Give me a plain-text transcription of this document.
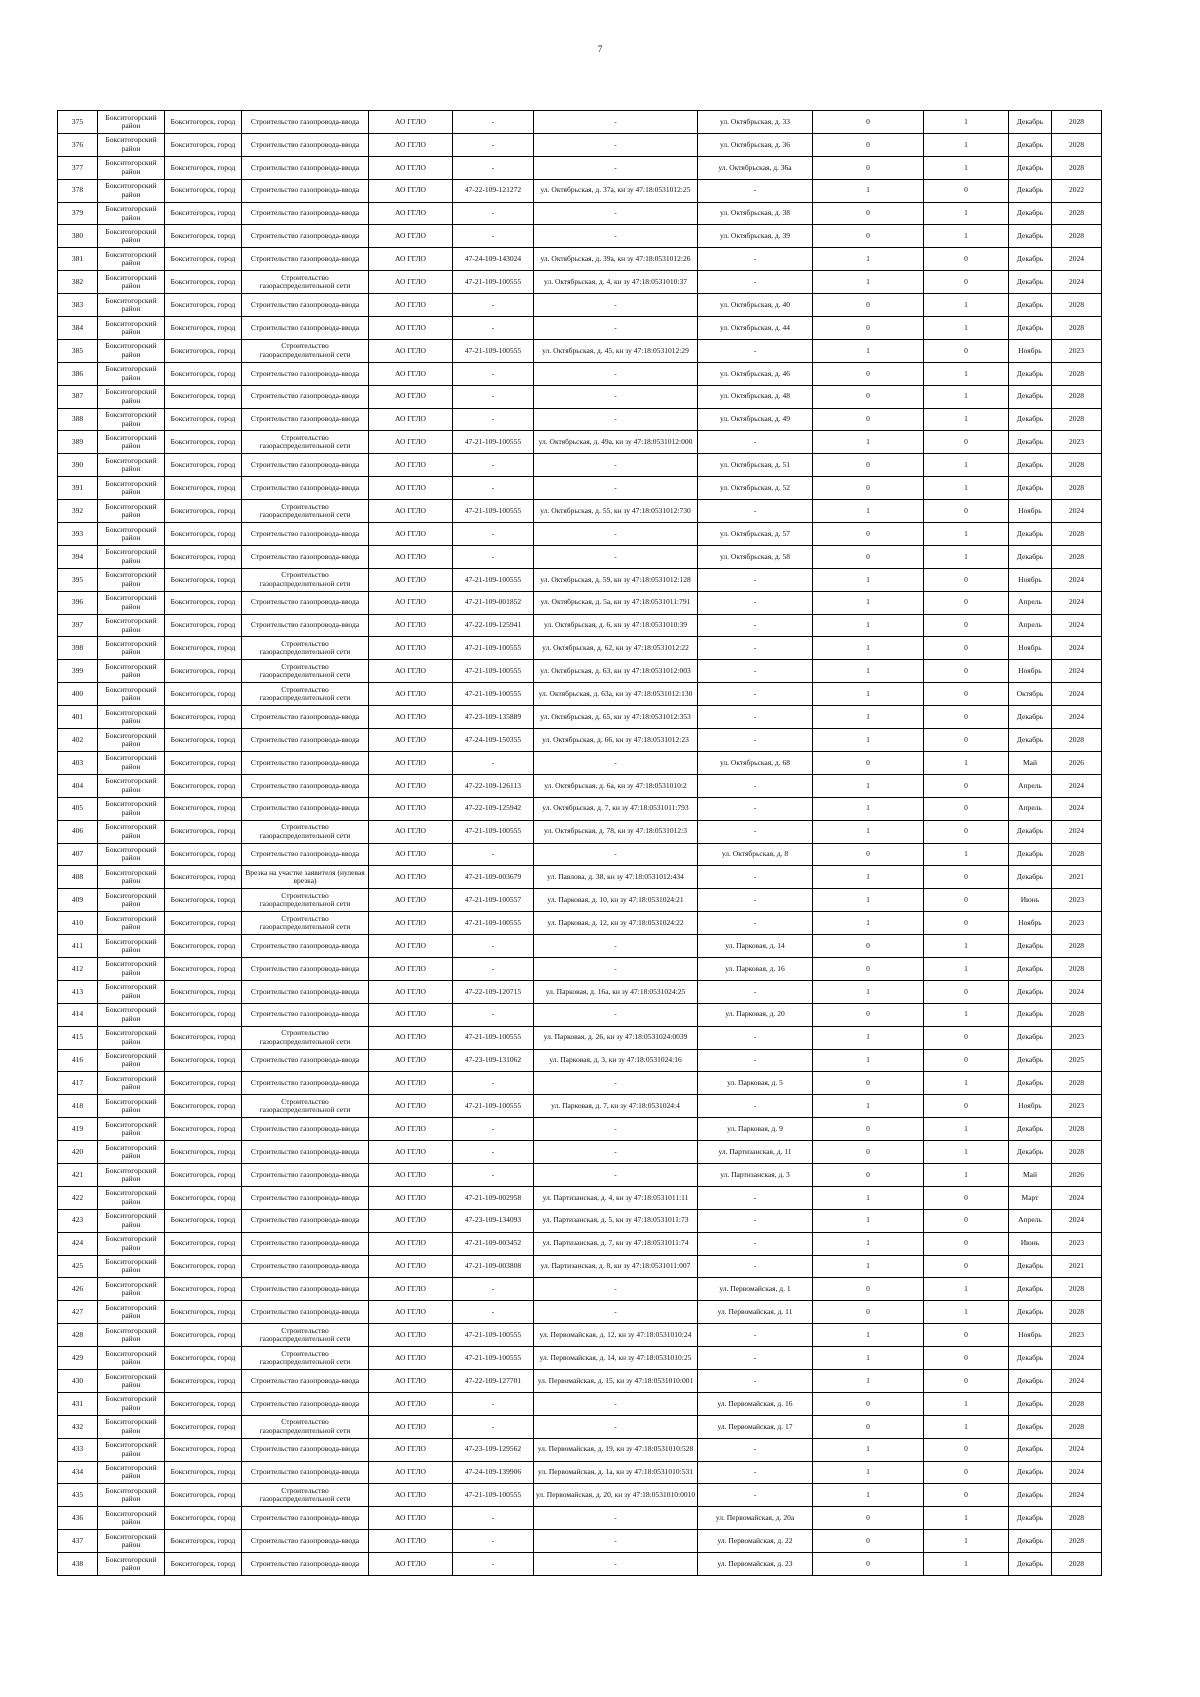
7
375	Бокситогорский район	Бокситогорск, город	Строительство газопровода-ввода	АО ГГЛО	-	-	ул. Октябрьская, д. 33	0	1	Декабрь	2028
376	Бокситогорский район	Бокситогорск, город	Строительство газопровода-ввода	АО ГГЛО	-	-	ул. Октябрьская, д. 36	0	1	Декабрь	2028
377	Бокситогорский район	Бокситогорск, город	Строительство газопровода-ввода	АО ГГЛО	-	-	ул. Октябрьская, д. 36а	0	1	Декабрь	2028
378	Бокситогорский район	Бокситогорск, город	Строительство газопровода-ввода	АО ГГЛО	47-22-109-121272	ул. Октябрьская, д. 37а, кн зу 47:18:0531012:25	-	1	0	Декабрь	2022
379	Бокситогорский район	Бокситогорск, город	Строительство газопровода-ввода	АО ГГЛО	-	-	ул. Октябрьская, д. 38	0	1	Декабрь	2028
380	Бокситогорский район	Бокситогорск, город	Строительство газопровода-ввода	АО ГГЛО	-	-	ул. Октябрьская, д. 39	0	1	Декабрь	2028
381	Бокситогорский район	Бокситогорск, город	Строительство газопровода-ввода	АО ГГЛО	47-24-109-143024	ул. Октябрьская, д. 39а, кн зу 47:18:0531012:26	-	1	0	Декабрь	2024
382	Бокситогорский район	Бокситогорск, город	Строительство газораспределительной сети	АО ГГЛО	47-21-109-100555	ул. Октябрьская, д. 4, кн зу 47:18:0531010:37	-	1	0	Декабрь	2024
383	Бокситогорский район	Бокситогорск, город	Строительство газопровода-ввода	АО ГГЛО	-	-	ул. Октябрьская, д. 40	0	1	Декабрь	2028
384	Бокситогорский район	Бокситогорск, город	Строительство газопровода-ввода	АО ГГЛО	-	-	ул. Октябрьская, д. 44	0	1	Декабрь	2028
385	Бокситогорский район	Бокситогорск, город	Строительство газораспределительной сети	АО ГГЛО	47-21-109-100555	ул. Октябрьская, д. 45, кн зу 47:18:0531012:29	-	1	0	Ноябрь	2023
386	Бокситогорский район	Бокситогорск, город	Строительство газопровода-ввода	АО ГГЛО	-	-	ул. Октябрьская, д. 46	0	1	Декабрь	2028
387	Бокситогорский район	Бокситогорск, город	Строительство газопровода-ввода	АО ГГЛО	-	-	ул. Октябрьская, д. 48	0	1	Декабрь	2028
388	Бокситогорский район	Бокситогорск, город	Строительство газопровода-ввода	АО ГГЛО	-	-	ул. Октябрьская, д. 49	0	1	Декабрь	2028
389	Бокситогорский район	Бокситогорск, город	Строительство газораспределительной сети	АО ГГЛО	47-21-109-100555	ул. Октябрьская, д. 49а, кн зу 47:18:0531012:000	-	1	0	Декабрь	2023
390	Бокситогорский район	Бокситогорск, город	Строительство газопровода-ввода	АО ГГЛО	-	-	ул. Октябрьская, д. 51	0	1	Декабрь	2028
391	Бокситогорский район	Бокситогорск, город	Строительство газопровода-ввода	АО ГГЛО	-	-	ул. Октябрьская, д. 52	0	1	Декабрь	2028
392	Бокситогорский район	Бокситогорск, город	Строительство газораспределительной сети	АО ГГЛО	47-21-109-100555	ул. Октябрьская, д. 55, кн зу 47:18:0531012:730	-	1	0	Ноябрь	2024
393	Бокситогорский район	Бокситогорск, город	Строительство газопровода-ввода	АО ГГЛО	-	-	ул. Октябрьская, д. 57	0	1	Декабрь	2028
394	Бокситогорский район	Бокситогорск, город	Строительство газопровода-ввода	АО ГГЛО	-	-	ул. Октябрьская, д. 58	0	1	Декабрь	2028
395	Бокситогорский район	Бокситогорск, город	Строительство газораспределительной сети	АО ГГЛО	47-21-109-100555	ул. Октябрьская, д. 59, кн зу 47:18:0531012:128	-	1	0	Ноябрь	2024
396	Бокситогорский район	Бокситогорск, город	Строительство газопровода-ввода	АО ГГЛО	47-21-109-001852	ул. Октябрьская, д. 5а, кн зу 47:18:0531011:791	-	1	0	Апрель	2024
397	Бокситогорский район	Бокситогорск, город	Строительство газопровода-ввода	АО ГГЛО	47-22-109-125941	ул. Октябрьская, д. 6, кн зу 47:18:0531010:39	-	1	0	Апрель	2024
398	Бокситогорский район	Бокситогорск, город	Строительство газораспределительной сети	АО ГГЛО	47-21-109-100555	ул. Октябрьская, д. 62, кн зу 47:18:0531012:22	-	1	0	Ноябрь	2024
399	Бокситогорский район	Бокситогорск, город	Строительство газораспределительной сети	АО ГГЛО	47-21-109-100555	ул. Октябрьская, д. 63, кн зу 47:18:0531012:003	-	1	0	Ноябрь	2024
400	Бокситогорский район	Бокситогорск, город	Строительство газораспределительной сети	АО ГГЛО	47-21-109-100555	ул. Октябрьская, д. 63а, кн зу 47:18:0531012:130	-	1	0	Октябрь	2024
401	Бокситогорский район	Бокситогорск, город	Строительство газопровода-ввода	АО ГГЛО	47-23-109-135889	ул. Октябрьская, д. 65, кн зу 47:18:0531012:353	-	1	0	Декабрь	2024
402	Бокситогорский район	Бокситогорск, город	Строительство газопровода-ввода	АО ГГЛО	47-24-109-150355	ул. Октябрьская, д. 66, кн зу 47:18:0531012:23	-	1	0	Декабрь	2028
403	Бокситогорский район	Бокситогорск, город	Строительство газопровода-ввода	АО ГГЛО	-	-	ул. Октябрьская, д. 68	0	1	Май	2026
404	Бокситогорский район	Бокситогорск, город	Строительство газопровода-ввода	АО ГГЛО	47-22-109-126113	ул. Октябрьская, д. 6а, кн зу 47:18:0531010:2	-	1	0	Апрель	2024
405	Бокситогорский район	Бокситогорск, город	Строительство газопровода-ввода	АО ГГЛО	47-22-109-125942	ул. Октябрьская, д. 7, кн зу 47:18:0531011:793	-	1	0	Апрель	2024
406	Бокситогорский район	Бокситогорск, город	Строительство газораспределительной сети	АО ГГЛО	47-21-109-100555	ул. Октябрьская, д. 78, кн зу 47:18:0531012:3	-	1	0	Декабрь	2024
407	Бокситогорский район	Бокситогорск, город	Строительство газопровода-ввода	АО ГГЛО	-	-	ул. Октябрьская, д. 8	0	1	Декабрь	2028
408	Бокситогорский район	Бокситогорск, город	Врезка на участке заявителя (нулевая врезка)	АО ГГЛО	47-21-109-003679	ул. Павлова, д. 38, кн зу 47:18:0531012:434	-	1	0	Декабрь	2021
409	Бокситогорский район	Бокситогорск, город	Строительство газораспределительной сети	АО ГГЛО	47-21-109-100557	ул. Парковая, д. 10, кн зу 47:18:0531024:21	-	1	0	Июнь	2023
410	Бокситогорский район	Бокситогорск, город	Строительство газораспределительной сети	АО ГГЛО	47-21-109-100555	ул. Парковая, д. 12, кн зу 47:18:0531024:22	-	1	0	Ноябрь	2023
411	Бокситогорский район	Бокситогорск, город	Строительство газопровода-ввода	АО ГГЛО	-	-	ул. Парковая, д. 14	0	1	Декабрь	2028
412	Бокситогорский район	Бокситогорск, город	Строительство газопровода-ввода	АО ГГЛО	-	-	ул. Парковая, д. 16	0	1	Декабрь	2028
413	Бокситогорский район	Бокситогорск, город	Строительство газопровода-ввода	АО ГГЛО	47-22-109-120715	ул. Парковая, д. 16а, кн зу 47:18:0531024:25	-	1	0	Декабрь	2024
414	Бокситогорский район	Бокситогорск, город	Строительство газопровода-ввода	АО ГГЛО	-	-	ул. Парковая, д. 20	0	1	Декабрь	2028
415	Бокситогорский район	Бокситогорск, город	Строительство газораспределительной сети	АО ГГЛО	47-21-109-100555	ул. Парковая, д. 26, кн зу 47:18:0531024:0039	-	1	0	Декабрь	2023
416	Бокситогорский район	Бокситогорск, город	Строительство газопровода-ввода	АО ГГЛО	47-23-109-131062	ул. Парковая, д. 3, кн зу 47:18:0531024:16	-	1	0	Декабрь	2025
417	Бокситогорский район	Бокситогорск, город	Строительство газопровода-ввода	АО ГГЛО	-	-	ул. Парковая, д. 5	0	1	Декабрь	2028
418	Бокситогорский район	Бокситогорск, город	Строительство газораспределительной сети	АО ГГЛО	47-21-109-100555	ул. Парковая, д. 7, кн зу 47:18:0531024:4	-	1	0	Ноябрь	2023
419	Бокситогорский район	Бокситогорск, город	Строительство газопровода-ввода	АО ГГЛО	-	-	ул. Парковая, д. 9	0	1	Декабрь	2028
420	Бокситогорский район	Бокситогорск, город	Строительство газопровода-ввода	АО ГГЛО	-	-	ул. Партизанская, д. 11	0	1	Декабрь	2028
421	Бокситогорский район	Бокситогорск, город	Строительство газопровода-ввода	АО ГГЛО	-	-	ул. Партизанская, д. 3	0	1	Май	2026
422	Бокситогорский район	Бокситогорск, город	Строительство газопровода-ввода	АО ГГЛО	47-21-109-002958	ул. Партизанская, д. 4, кн зу 47:18:0531011:11	-	1	0	Март	2024
423	Бокситогорский район	Бокситогорск, город	Строительство газопровода-ввода	АО ГГЛО	47-23-109-134093	ул. Партизанская, д. 5, кн зу 47:18:0531011:73	-	1	0	Апрель	2024
424	Бокситогорский район	Бокситогорск, город	Строительство газопровода-ввода	АО ГГЛО	47-21-109-003452	ул. Партизанская, д. 7, кн зу 47:18:0531011:74	-	1	0	Июнь	2023
425	Бокситогорский район	Бокситогорск, город	Строительство газопровода-ввода	АО ГГЛО	47-21-109-003808	ул. Партизанская, д. 8, кн зу 47:18:0531011:007	-	1	0	Декабрь	2021
426	Бокситогорский район	Бокситогорск, город	Строительство газопровода-ввода	АО ГГЛО	-	-	ул. Первомайская, д. 1	0	1	Декабрь	2028
427	Бокситогорский район	Бокситогорск, город	Строительство газопровода-ввода	АО ГГЛО	-	-	ул. Первомайская, д. 11	0	1	Декабрь	2028
428	Бокситогорский район	Бокситогорск, город	Строительство газораспределительной сети	АО ГГЛО	47-21-109-100555	ул. Первомайская, д. 12, кн зу 47:18:0531010:24	-	1	0	Ноябрь	2023
429	Бокситогорский район	Бокситогорск, город	Строительство газораспределительной сети	АО ГГЛО	47-21-109-100555	ул. Первомайская, д. 14, кн зу 47:18:0531010:25	-	1	0	Декабрь	2024
430	Бокситогорский район	Бокситогорск, город	Строительство газопровода-ввода	АО ГГЛО	47-22-109-127701	ул. Первомайская, д. 15, кн зу 47:18:0531010:001	-	1	0	Декабрь	2024
431	Бокситогорский район	Бокситогорск, город	Строительство газопровода-ввода	АО ГГЛО	-	-	ул. Первомайская, д. 16	0	1	Декабрь	2028
432	Бокситогорский район	Бокситогорск, город	Строительство газораспределительной сети	АО ГГЛО	-	-	ул. Первомайская, д. 17	0	1	Декабрь	2028
433	Бокситогорский район	Бокситогорск, город	Строительство газопровода-ввода	АО ГГЛО	47-23-109-129562	ул. Первомайская, д. 19, кн зу 47:18:0531010:528	-	1	0	Декабрь	2024
434	Бокситогорский район	Бокситогорск, город	Строительство газопровода-ввода	АО ГГЛО	47-24-109-139906	ул. Первомайская, д. 1а, кн зу 47:18:0531010:531	-	1	0	Декабрь	2024
435	Бокситогорский район	Бокситогорск, город	Строительство газораспределительной сети	АО ГГЛО	47-21-109-100555	ул. Первомайская, д. 20, кн зу 47:18:0531010:0010	-	1	0	Декабрь	2024
436	Бокситогорский район	Бокситогорск, город	Строительство газопровода-ввода	АО ГГЛО	-	-	ул. Первомайская, д. 20а	0	1	Декабрь	2028
437	Бокситогорский район	Бокситогорск, город	Строительство газопровода-ввода	АО ГГЛО	-	-	ул. Первомайская, д. 22	0	1	Декабрь	2028
438	Бокситогорский район	Бокситогорск, город	Строительство газопровода-ввода	АО ГГЛО	-	-	ул. Первомайская, д. 23	0	1	Декабрь	2028
